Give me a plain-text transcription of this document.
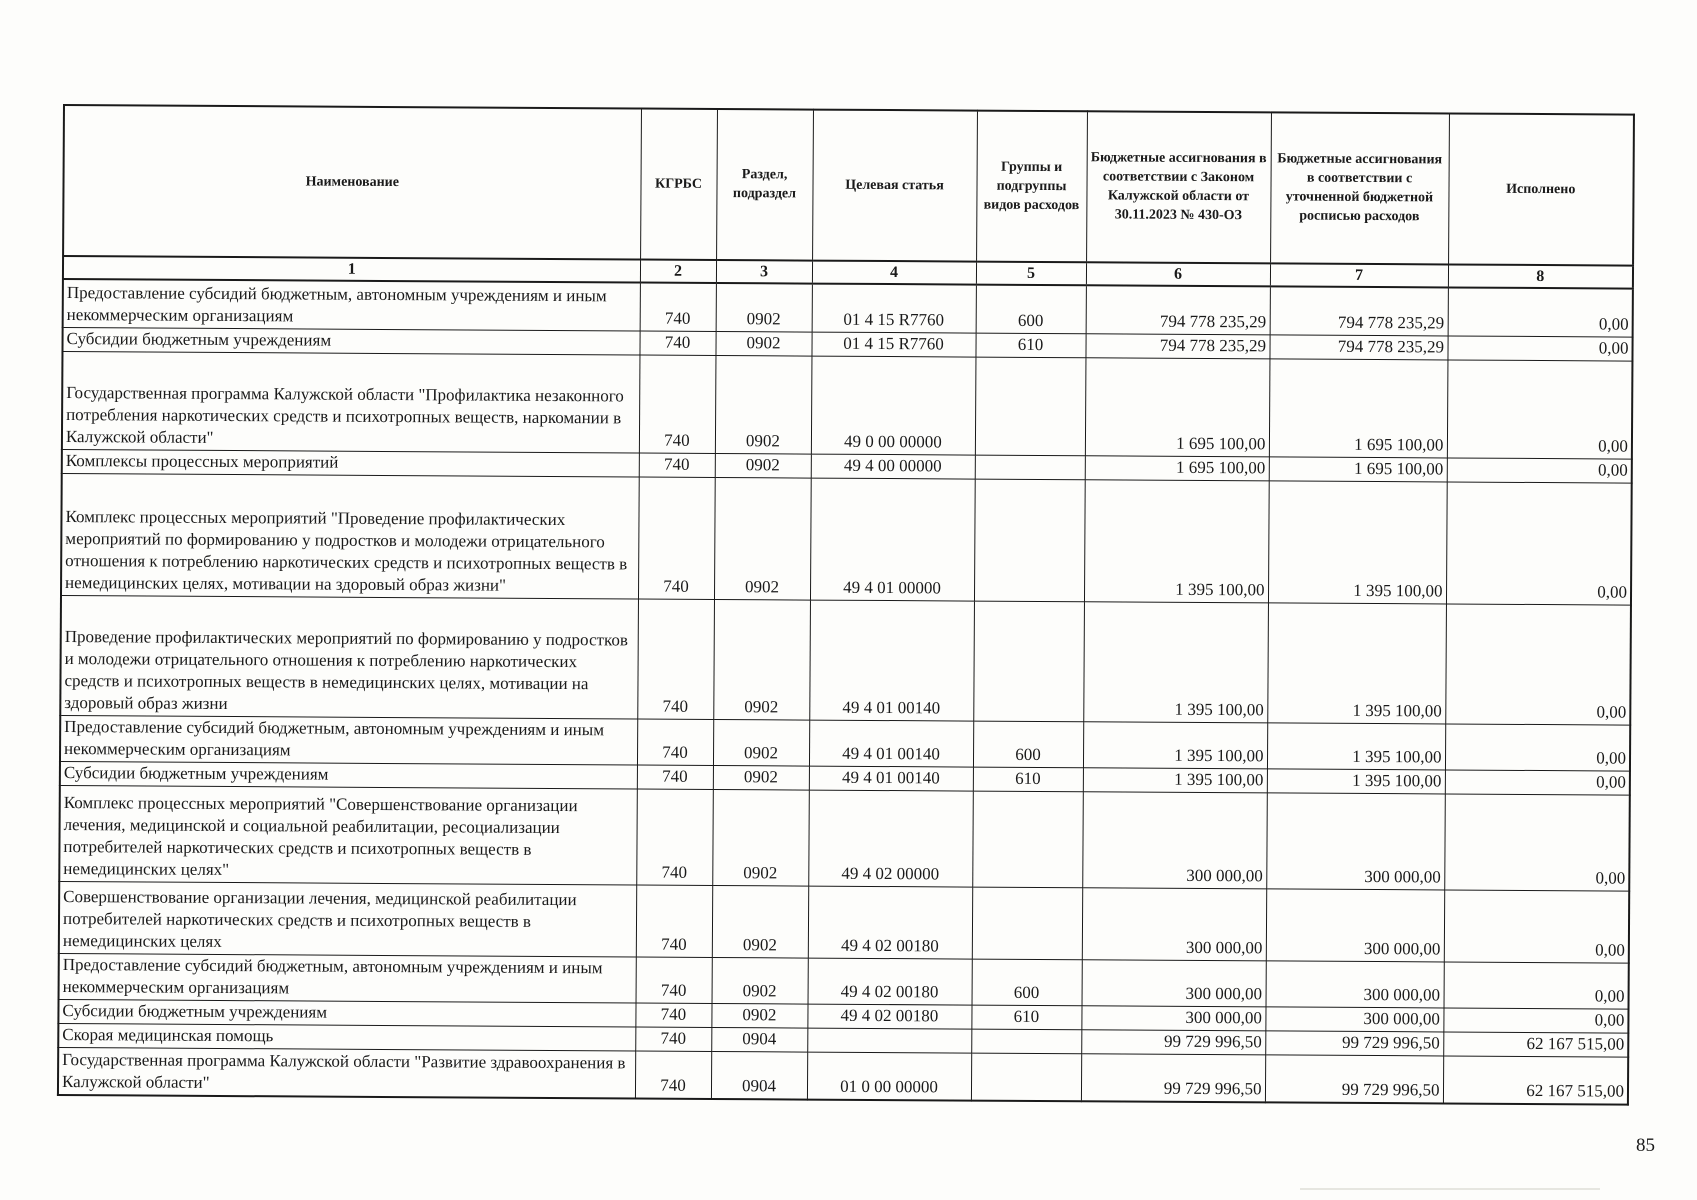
Наименование	КГРБС	Раздел, подраздел	Целевая статья	Группы и подгруппы видов расходов	Бюджетные ассигнования в соответствии с Законом Калужской области от 30.11.2023 № 430-ОЗ	Бюджетные ассигнования в соответствии с уточненной бюджетной росписью расходов	Исполнено
1	2	3	4	5	6	7	8
Предоставление субсидий бюджетным, автономным учреждениям и иным некоммерческим организациям	740	0902	01 4 15 R7760	600	794 778 235,29	794 778 235,29	0,00
Субсидии бюджетным учреждениям	740	0902	01 4 15 R7760	610	794 778 235,29	794 778 235,29	0,00
Государственная программа Калужской области "Профилактика незаконного потребления наркотических средств и психотропных веществ, наркомании в Калужской области"	740	0902	49 0 00 00000		1 695 100,00	1 695 100,00	0,00
Комплексы процессных мероприятий	740	0902	49 4 00 00000		1 695 100,00	1 695 100,00	0,00
Комплекс процессных мероприятий "Проведение профилактических мероприятий по формированию у подростков и молодежи отрицательного отношения к потреблению наркотических средств и психотропных веществ в немедицинских целях, мотивации на здоровый образ жизни"	740	0902	49 4 01 00000		1 395 100,00	1 395 100,00	0,00
Проведение профилактических мероприятий по формированию у подростков и молодежи отрицательного отношения к потреблению наркотических средств и психотропных веществ в немедицинских целях, мотивации на здоровый образ жизни	740	0902	49 4 01 00140		1 395 100,00	1 395 100,00	0,00
Предоставление субсидий бюджетным, автономным учреждениям и иным некоммерческим организациям	740	0902	49 4 01 00140	600	1 395 100,00	1 395 100,00	0,00
Субсидии бюджетным учреждениям	740	0902	49 4 01 00140	610	1 395 100,00	1 395 100,00	0,00
Комплекс процессных мероприятий "Совершенствование организации лечения, медицинской и социальной реабилитации, ресоциализации потребителей наркотических средств и психотропных веществ в немедицинских целях"	740	0902	49 4 02 00000		300 000,00	300 000,00	0,00
Совершенствование организации лечения, медицинской реабилитации потребителей наркотических средств и психотропных веществ в немедицинских целях	740	0902	49 4 02 00180		300 000,00	300 000,00	0,00
Предоставление субсидий бюджетным, автономным учреждениям и иным некоммерческим организациям	740	0902	49 4 02 00180	600	300 000,00	300 000,00	0,00
Субсидии бюджетным учреждениям	740	0902	49 4 02 00180	610	300 000,00	300 000,00	0,00
Скорая медицинская помощь	740	0904			99 729 996,50	99 729 996,50	62 167 515,00
Государственная программа Калужской области "Развитие здравоохранения в Калужской области"	740	0904	01 0 00 00000		99 729 996,50	99 729 996,50	62 167 515,00
85
